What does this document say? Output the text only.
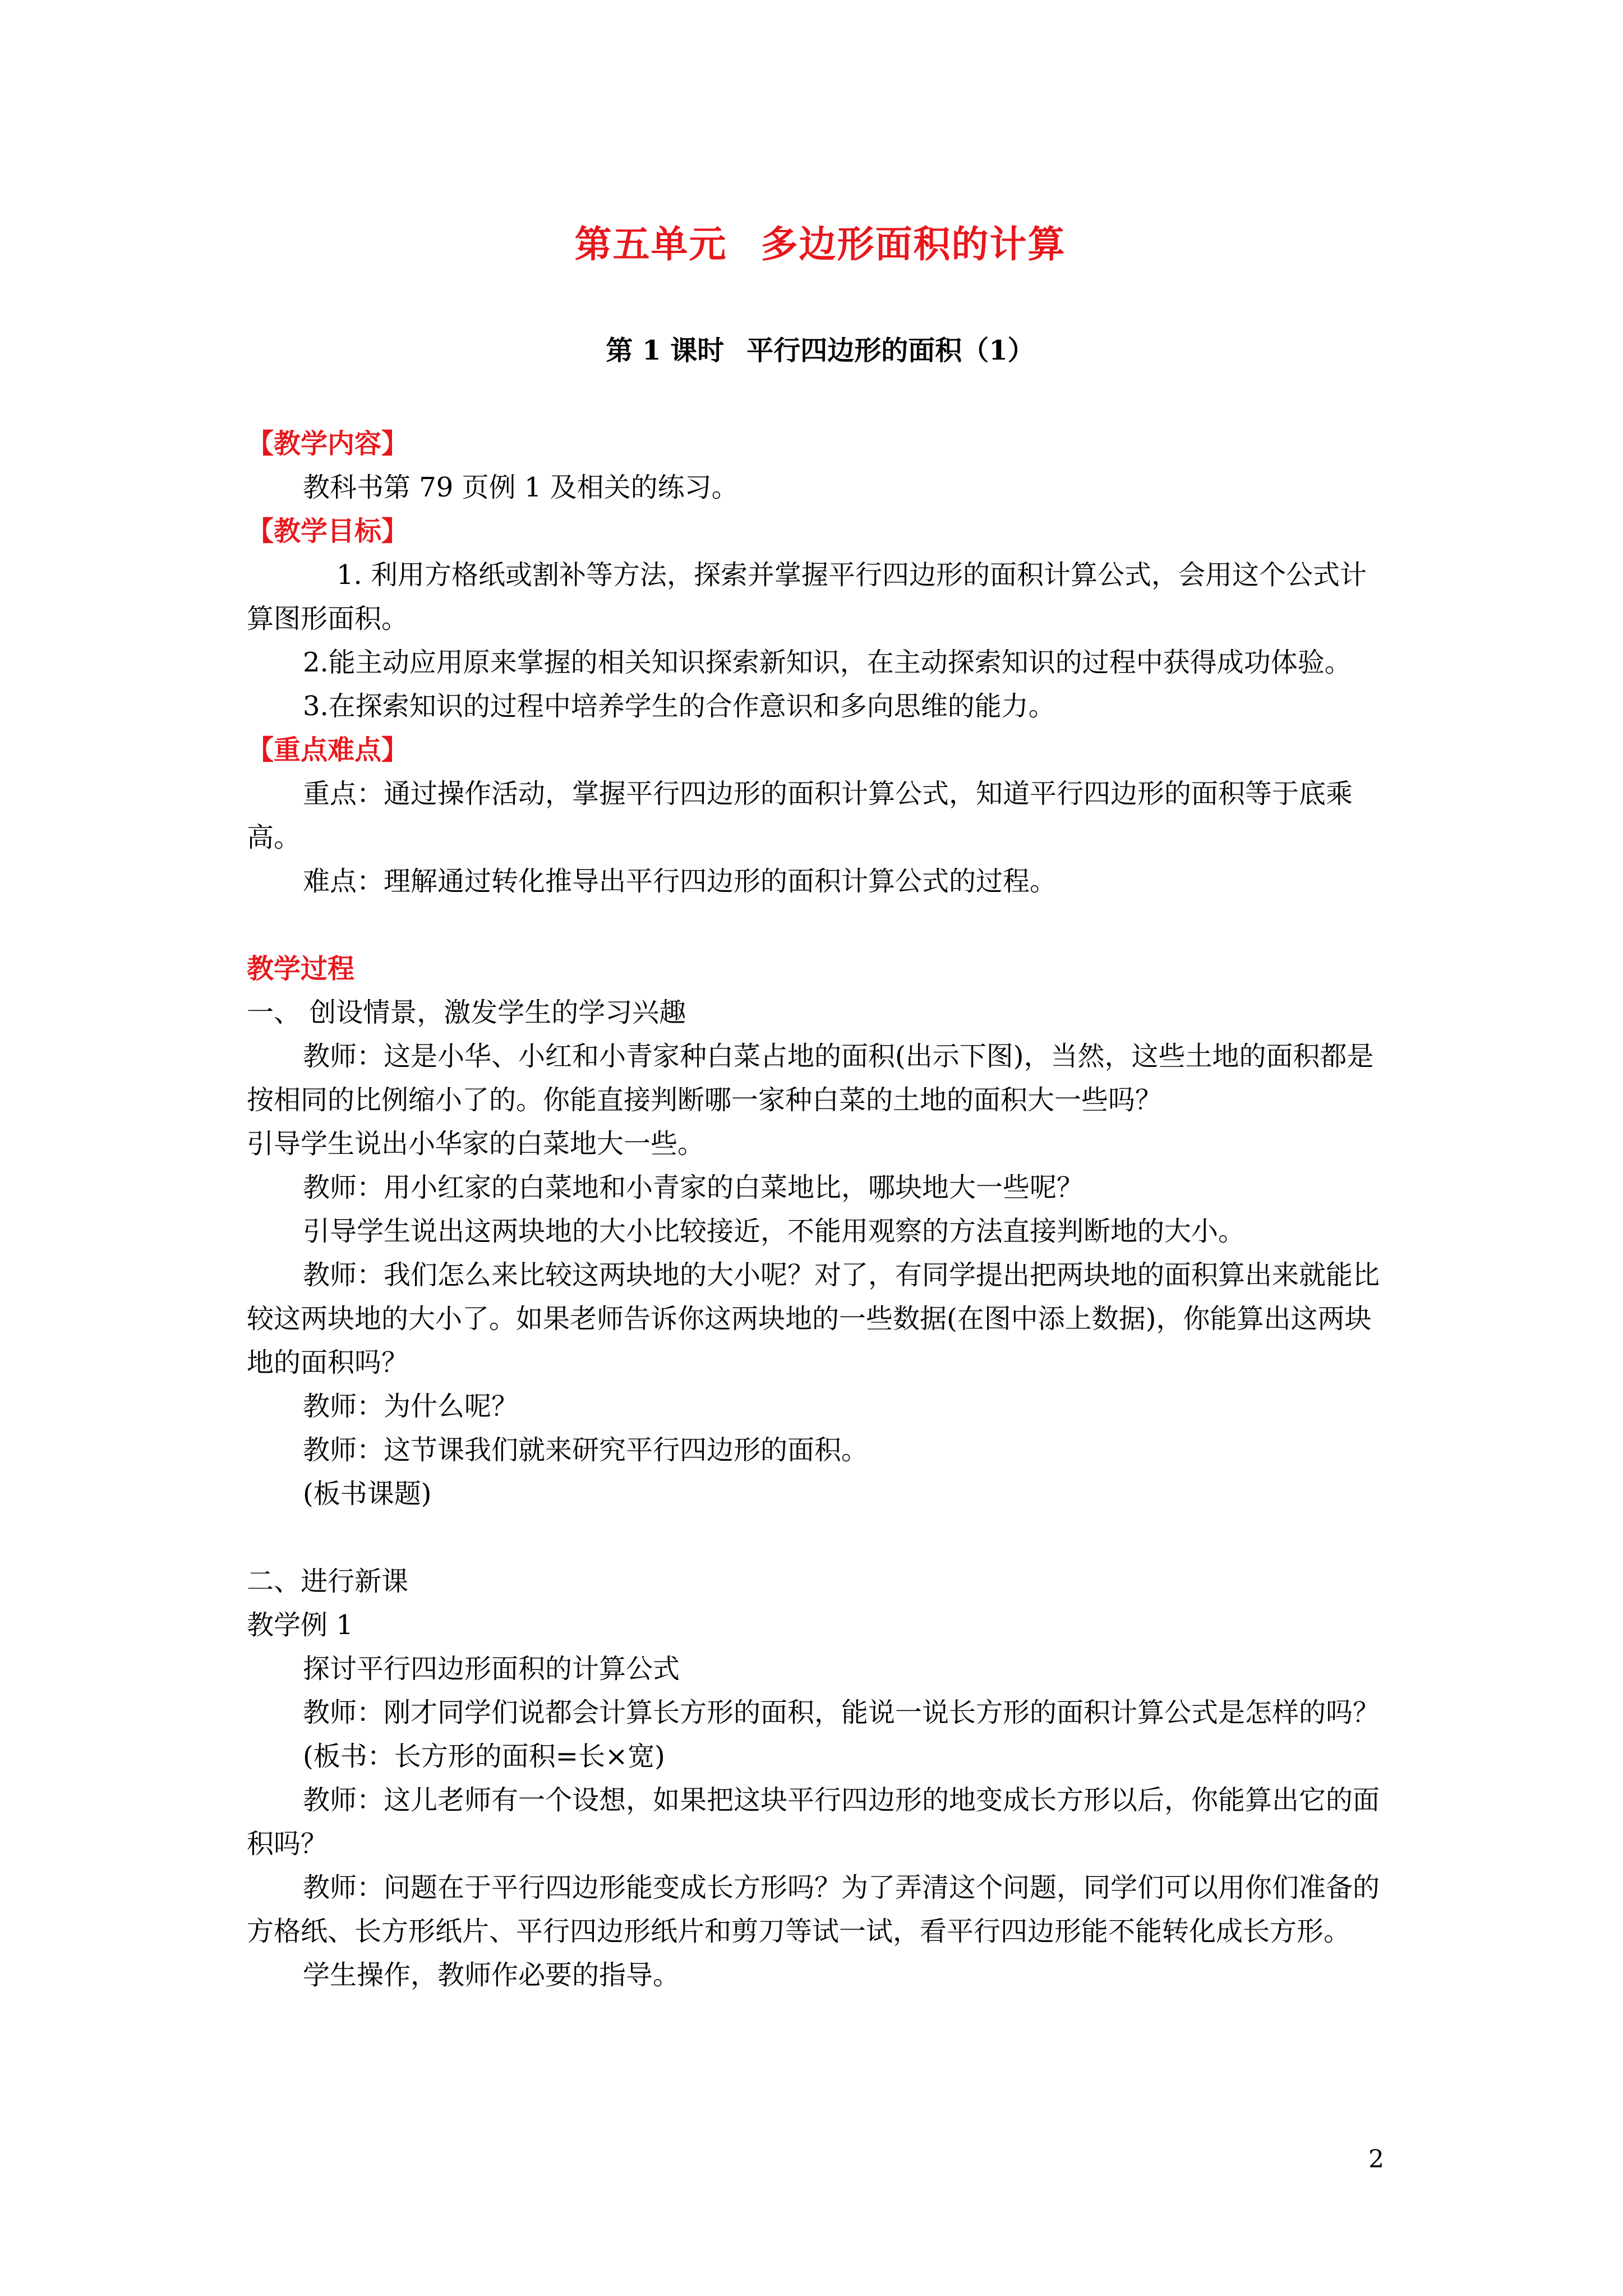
第五单元 多边形面积的计算
第 1 课时 平行四边形的面积（1）
【教学内容】

教科书第 79 页例 1 及相关的练习。

【教学目标】

1. 利用方格纸或割补等方法，探索并掌握平行四边形的面积计算公式，会用这个公式计算图形面积。

2.能主动应用原来掌握的相关知识探索新知识，在主动探索知识的过程中获得成功体验。

3.在探索知识的过程中培养学生的合作意识和多向思维的能力。

【重点难点】

重点：通过操作活动，掌握平行四边形的面积计算公式，知道平行四边形的面积等于底乘高。

难点：理解通过转化推导出平行四边形的面积计算公式的过程。

教学过程

一、 创设情景，激发学生的学习兴趣

教师：这是小华、小红和小青家种白菜占地的面积(出示下图)，当然，这些土地的面积都是按相同的比例缩小了的。你能直接判断哪一家种白菜的土地的面积大一些吗？

引导学生说出小华家的白菜地大一些。

教师：用小红家的白菜地和小青家的白菜地比，哪块地大一些呢？

引导学生说出这两块地的大小比较接近，不能用观察的方法直接判断地的大小。

教师：我们怎么来比较这两块地的大小呢？对了，有同学提出把两块地的面积算出来就能比较这两块地的大小了。如果老师告诉你这两块地的一些数据(在图中添上数据)，你能算出这两块地的面积吗？

教师：为什么呢？

教师：这节课我们就来研究平行四边形的面积。

(板书课题)

二、进行新课

教学例 1

探讨平行四边形面积的计算公式

教师：刚才同学们说都会计算长方形的面积，能说一说长方形的面积计算公式是怎样的吗？

(板书：长方形的面积=长×宽)

教师：这儿老师有一个设想，如果把这块平行四边形的地变成长方形以后，你能算出它的面积吗？

教师：问题在于平行四边形能变成长方形吗？为了弄清这个问题，同学们可以用你们准备的方格纸、长方形纸片、平行四边形纸片和剪刀等试一试，看平行四边形能不能转化成长方形。

学生操作，教师作必要的指导。

2
